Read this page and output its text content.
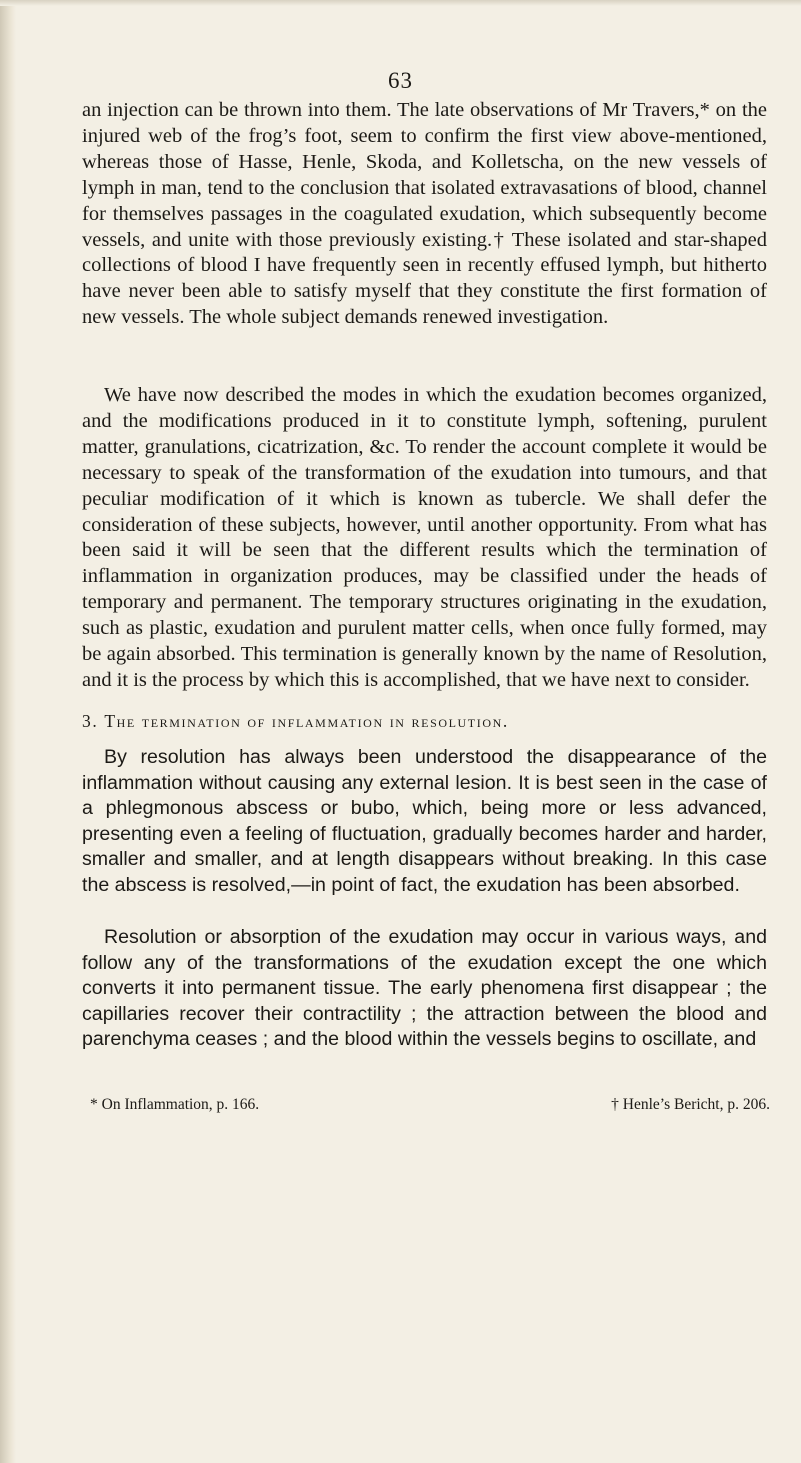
63

an injection can be thrown into them. The late observations of Mr Travers,* on the injured web of the frog’s foot, seem to confirm the first view above-mentioned, whereas those of Hasse, Henle, Skoda, and Kolletscha, on the new vessels of lymph in man, tend to the conclusion that isolated extravasations of blood, channel for themselves passages in the coagulated exudation, which subsequently become vessels, and unite with those previously existing.† These isolated and star-shaped collections of blood I have frequently seen in recently effused lymph, but hitherto have never been able to satisfy myself that they constitute the first formation of new vessels. The whole subject demands renewed investigation.

We have now described the modes in which the exudation becomes organized, and the modifications produced in it to constitute lymph, softening, purulent matter, granulations, cicatrization, &c. To render the account complete it would be necessary to speak of the transformation of the exudation into tumours, and that peculiar modification of it which is known as tubercle. We shall defer the consideration of these subjects, however, until another opportunity. From what has been said it will be seen that the different results which the termination of inflammation in organization produces, may be classified under the heads of temporary and permanent. The temporary structures originating in the exudation, such as plastic, exudation and purulent matter cells, when once fully formed, may be again absorbed. This termination is generally known by the name of Resolution, and it is the process by which this is accomplished, that we have next to consider.

3. The termination of inflammation in resolution.

By resolution has always been understood the disappearance of the inflammation without causing any external lesion. It is best seen in the case of a phlegmonous abscess or bubo, which, being more or less advanced, presenting even a feeling of fluctuation, gradually becomes harder and harder, smaller and smaller, and at length disappears without breaking. In this case the abscess is resolved,—in point of fact, the exudation has been absorbed.

Resolution or absorption of the exudation may occur in various ways, and follow any of the transformations of the exudation except the one which converts it into permanent tissue. The early phenomena first disappear ; the capillaries recover their contractility ; the attraction between the blood and parenchyma ceases ; and the blood within the vessels begins to oscillate, and

* On Inflammation, p. 166.	† Henle’s Bericht, p. 206.
